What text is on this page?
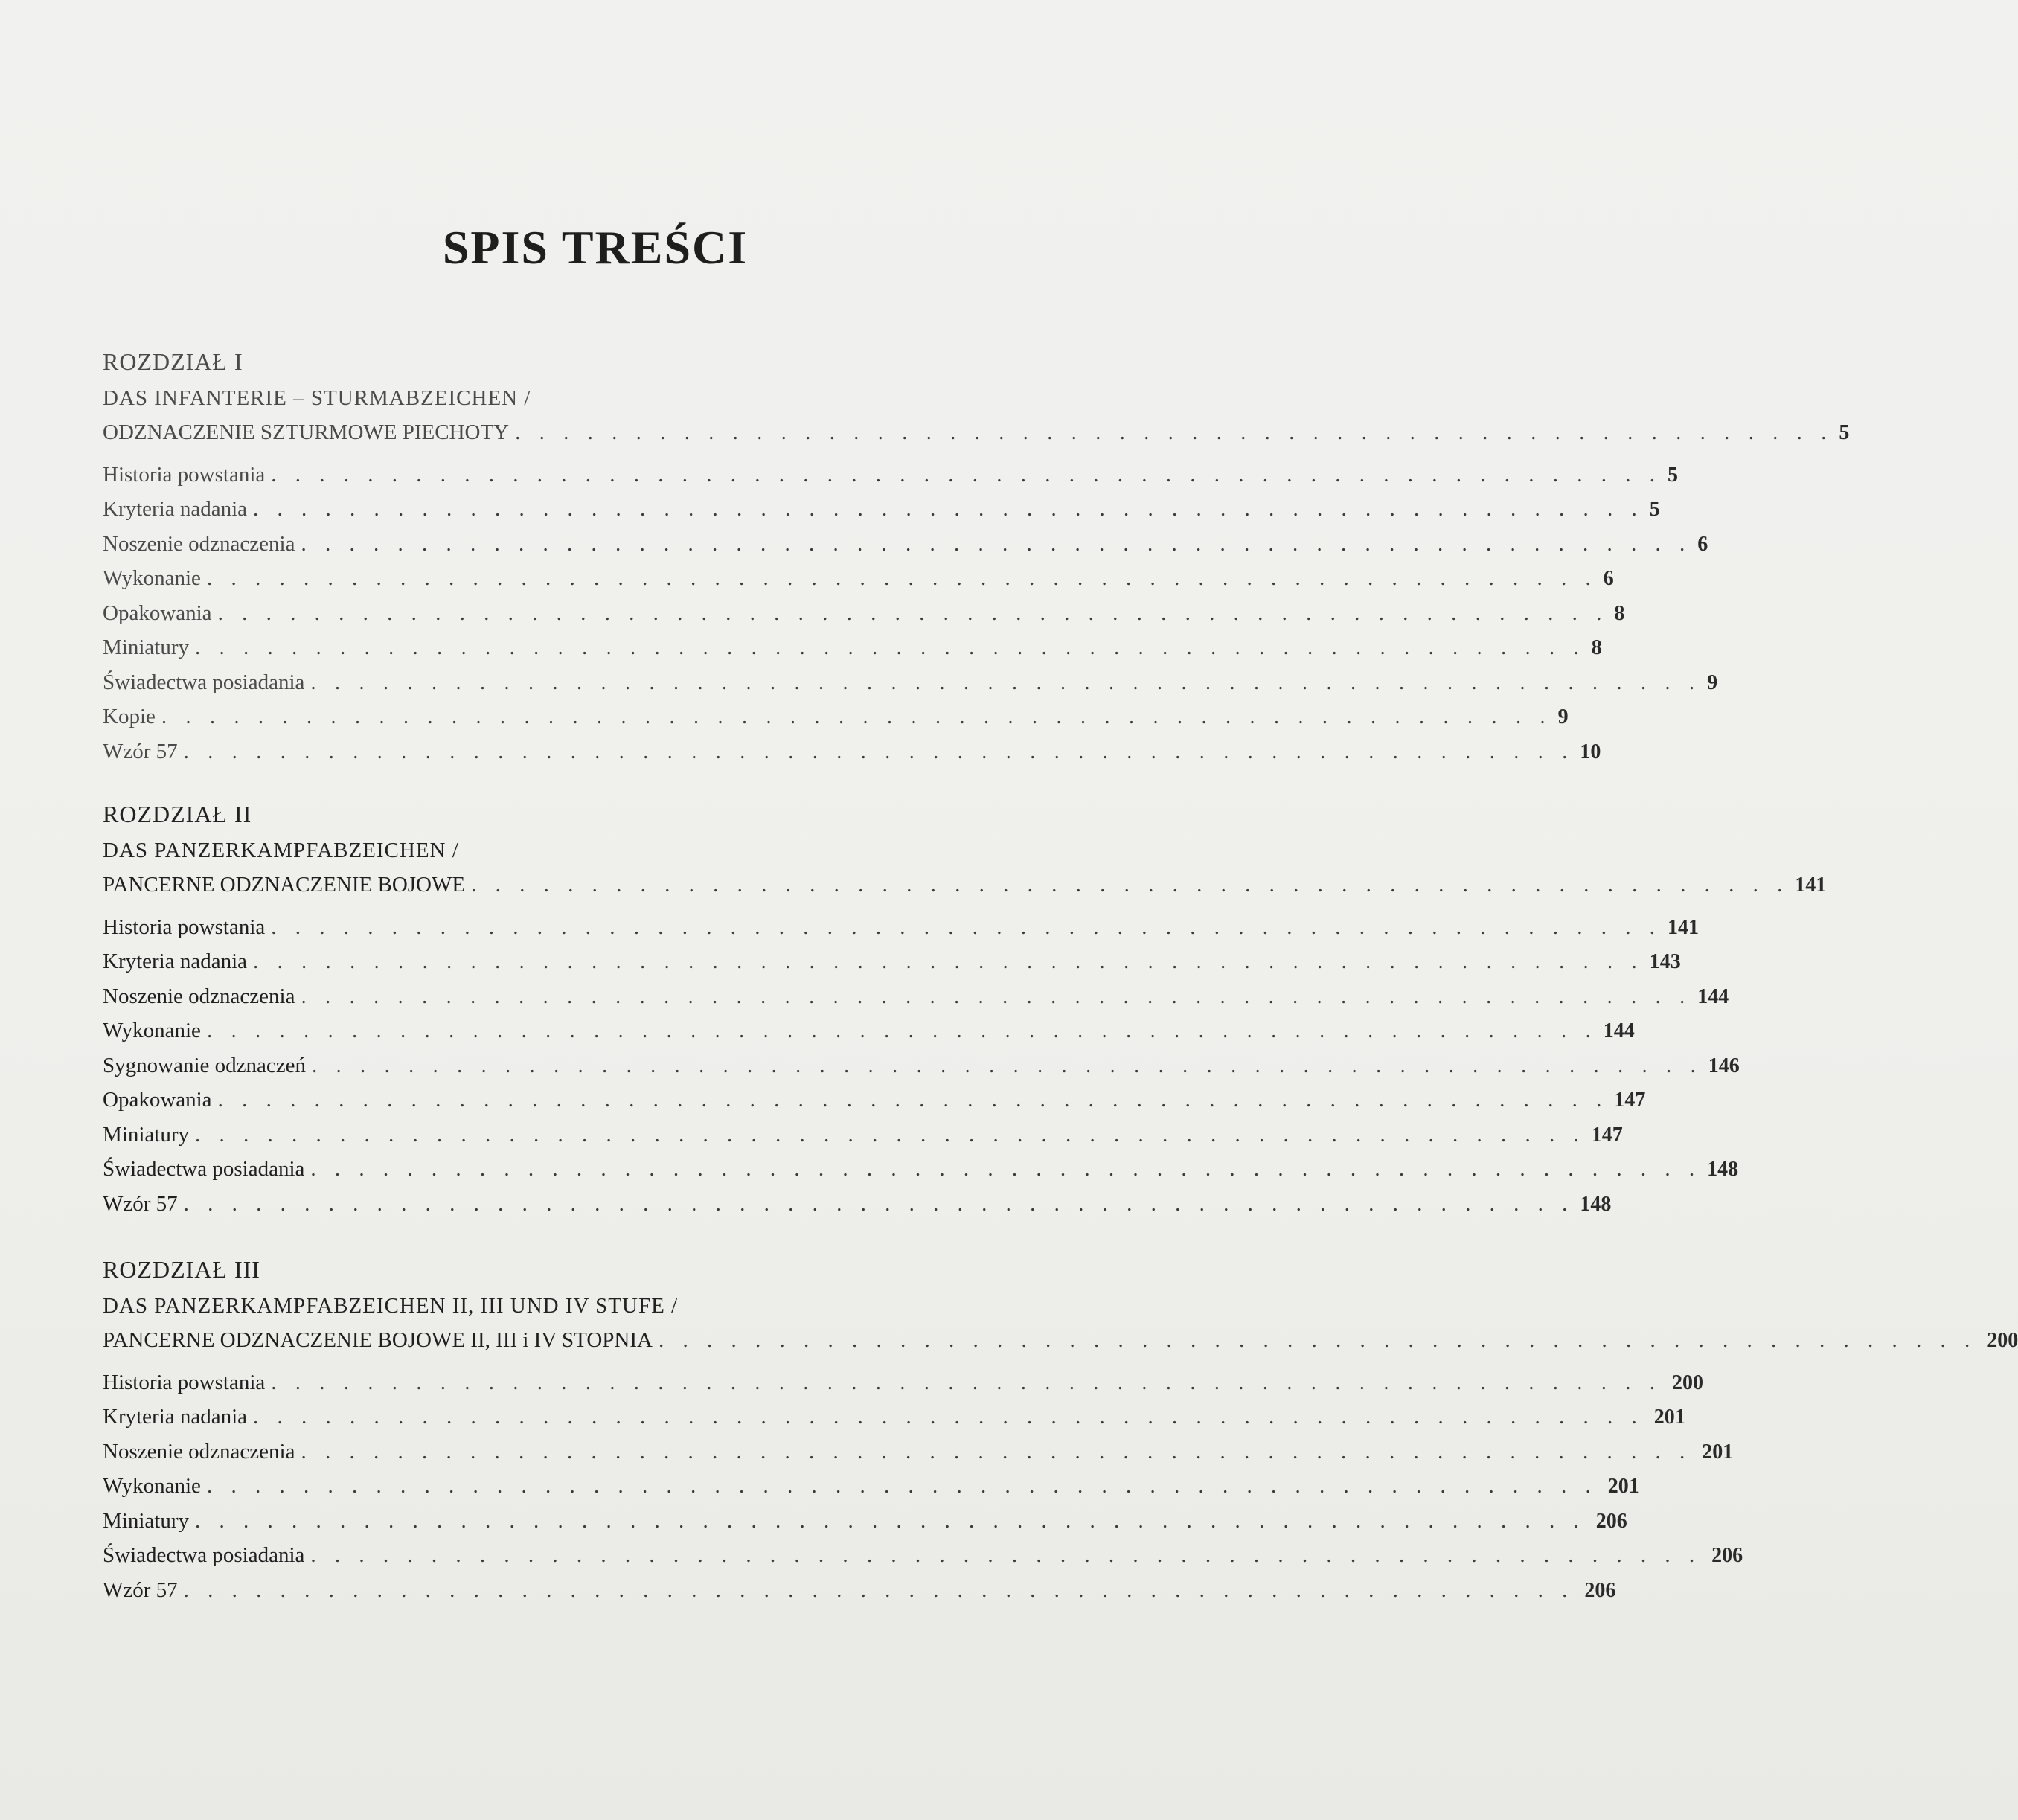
SPIS TREŚCI
ROZDZIAŁ I
DAS INFANTERIE – STURMABZEICHEN /
ODZNACZENIE SZTURMOWE PIECHOTY . . . . . . . . . . . . . . . . . . . . . . . . . . . . . . . . . . . . . . . . . . . . . . . . . . . . . . . 5
Historia powstania . . . . . . . . . . . . . . . . . . . . . . . . . . . . . . . . . . . . . . . . . . . . . . . . . . . . . . . . . . 5
Kryteria nadania . . . . . . . . . . . . . . . . . . . . . . . . . . . . . . . . . . . . . . . . . . . . . . . . . . . . . . . . . . 5
Noszenie odznaczenia . . . . . . . . . . . . . . . . . . . . . . . . . . . . . . . . . . . . . . . . . . . . . . . . . . . . . . . . . . 6
Wykonanie . . . . . . . . . . . . . . . . . . . . . . . . . . . . . . . . . . . . . . . . . . . . . . . . . . . . . . . . . . 6
Opakowania . . . . . . . . . . . . . . . . . . . . . . . . . . . . . . . . . . . . . . . . . . . . . . . . . . . . . . . . . . 8
Miniatury . . . . . . . . . . . . . . . . . . . . . . . . . . . . . . . . . . . . . . . . . . . . . . . . . . . . . . . . . . 8
Świadectwa posiadania . . . . . . . . . . . . . . . . . . . . . . . . . . . . . . . . . . . . . . . . . . . . . . . . . . . . . . . . . . 9
Kopie . . . . . . . . . . . . . . . . . . . . . . . . . . . . . . . . . . . . . . . . . . . . . . . . . . . . . . . . . . 9
Wzór 57 . . . . . . . . . . . . . . . . . . . . . . . . . . . . . . . . . . . . . . . . . . . . . . . . . . . . . . . . . . 10
ROZDZIAŁ II
DAS PANZERKAMPFABZEICHEN /
PANCERNE ODZNACZENIE BOJOWE . . . . . . . . . . . . . . . . . . . . . . . . . . . . . . . . . . . . . . . . . . . . . . . . . . . . . . . 141
Historia powstania . . . . . . . . . . . . . . . . . . . . . . . . . . . . . . . . . . . . . . . . . . . . . . . . . . . . . . . . . . 141
Kryteria nadania . . . . . . . . . . . . . . . . . . . . . . . . . . . . . . . . . . . . . . . . . . . . . . . . . . . . . . . . . . 143
Noszenie odznaczenia . . . . . . . . . . . . . . . . . . . . . . . . . . . . . . . . . . . . . . . . . . . . . . . . . . . . . . . . . . 144
Wykonanie . . . . . . . . . . . . . . . . . . . . . . . . . . . . . . . . . . . . . . . . . . . . . . . . . . . . . . . . . . 144
Sygnowanie odznaczeń . . . . . . . . . . . . . . . . . . . . . . . . . . . . . . . . . . . . . . . . . . . . . . . . . . . . . . . . . . 146
Opakowania . . . . . . . . . . . . . . . . . . . . . . . . . . . . . . . . . . . . . . . . . . . . . . . . . . . . . . . . . . 147
Miniatury . . . . . . . . . . . . . . . . . . . . . . . . . . . . . . . . . . . . . . . . . . . . . . . . . . . . . . . . . . 147
Świadectwa posiadania . . . . . . . . . . . . . . . . . . . . . . . . . . . . . . . . . . . . . . . . . . . . . . . . . . . . . . . . . . 148
Wzór 57 . . . . . . . . . . . . . . . . . . . . . . . . . . . . . . . . . . . . . . . . . . . . . . . . . . . . . . . . . . 148
ROZDZIAŁ III
DAS PANZERKAMPFABZEICHEN II, III UND IV STUFE /
PANCERNE ODZNACZENIE BOJOWE II, III i IV STOPNIA . . . . . . . . . . . . . . . . . . . . . . . . . . . . . . . . . . . . . . . . . . . . . . . . . . . . . . . 200
Historia powstania . . . . . . . . . . . . . . . . . . . . . . . . . . . . . . . . . . . . . . . . . . . . . . . . . . . . . . . . . . 200
Kryteria nadania . . . . . . . . . . . . . . . . . . . . . . . . . . . . . . . . . . . . . . . . . . . . . . . . . . . . . . . . . . 201
Noszenie odznaczenia . . . . . . . . . . . . . . . . . . . . . . . . . . . . . . . . . . . . . . . . . . . . . . . . . . . . . . . . . . 201
Wykonanie . . . . . . . . . . . . . . . . . . . . . . . . . . . . . . . . . . . . . . . . . . . . . . . . . . . . . . . . . . 201
Miniatury . . . . . . . . . . . . . . . . . . . . . . . . . . . . . . . . . . . . . . . . . . . . . . . . . . . . . . . . . . 206
Świadectwa posiadania . . . . . . . . . . . . . . . . . . . . . . . . . . . . . . . . . . . . . . . . . . . . . . . . . . . . . . . . . . 206
Wzór 57 . . . . . . . . . . . . . . . . . . . . . . . . . . . . . . . . . . . . . . . . . . . . . . . . . . . . . . . . . . 206
